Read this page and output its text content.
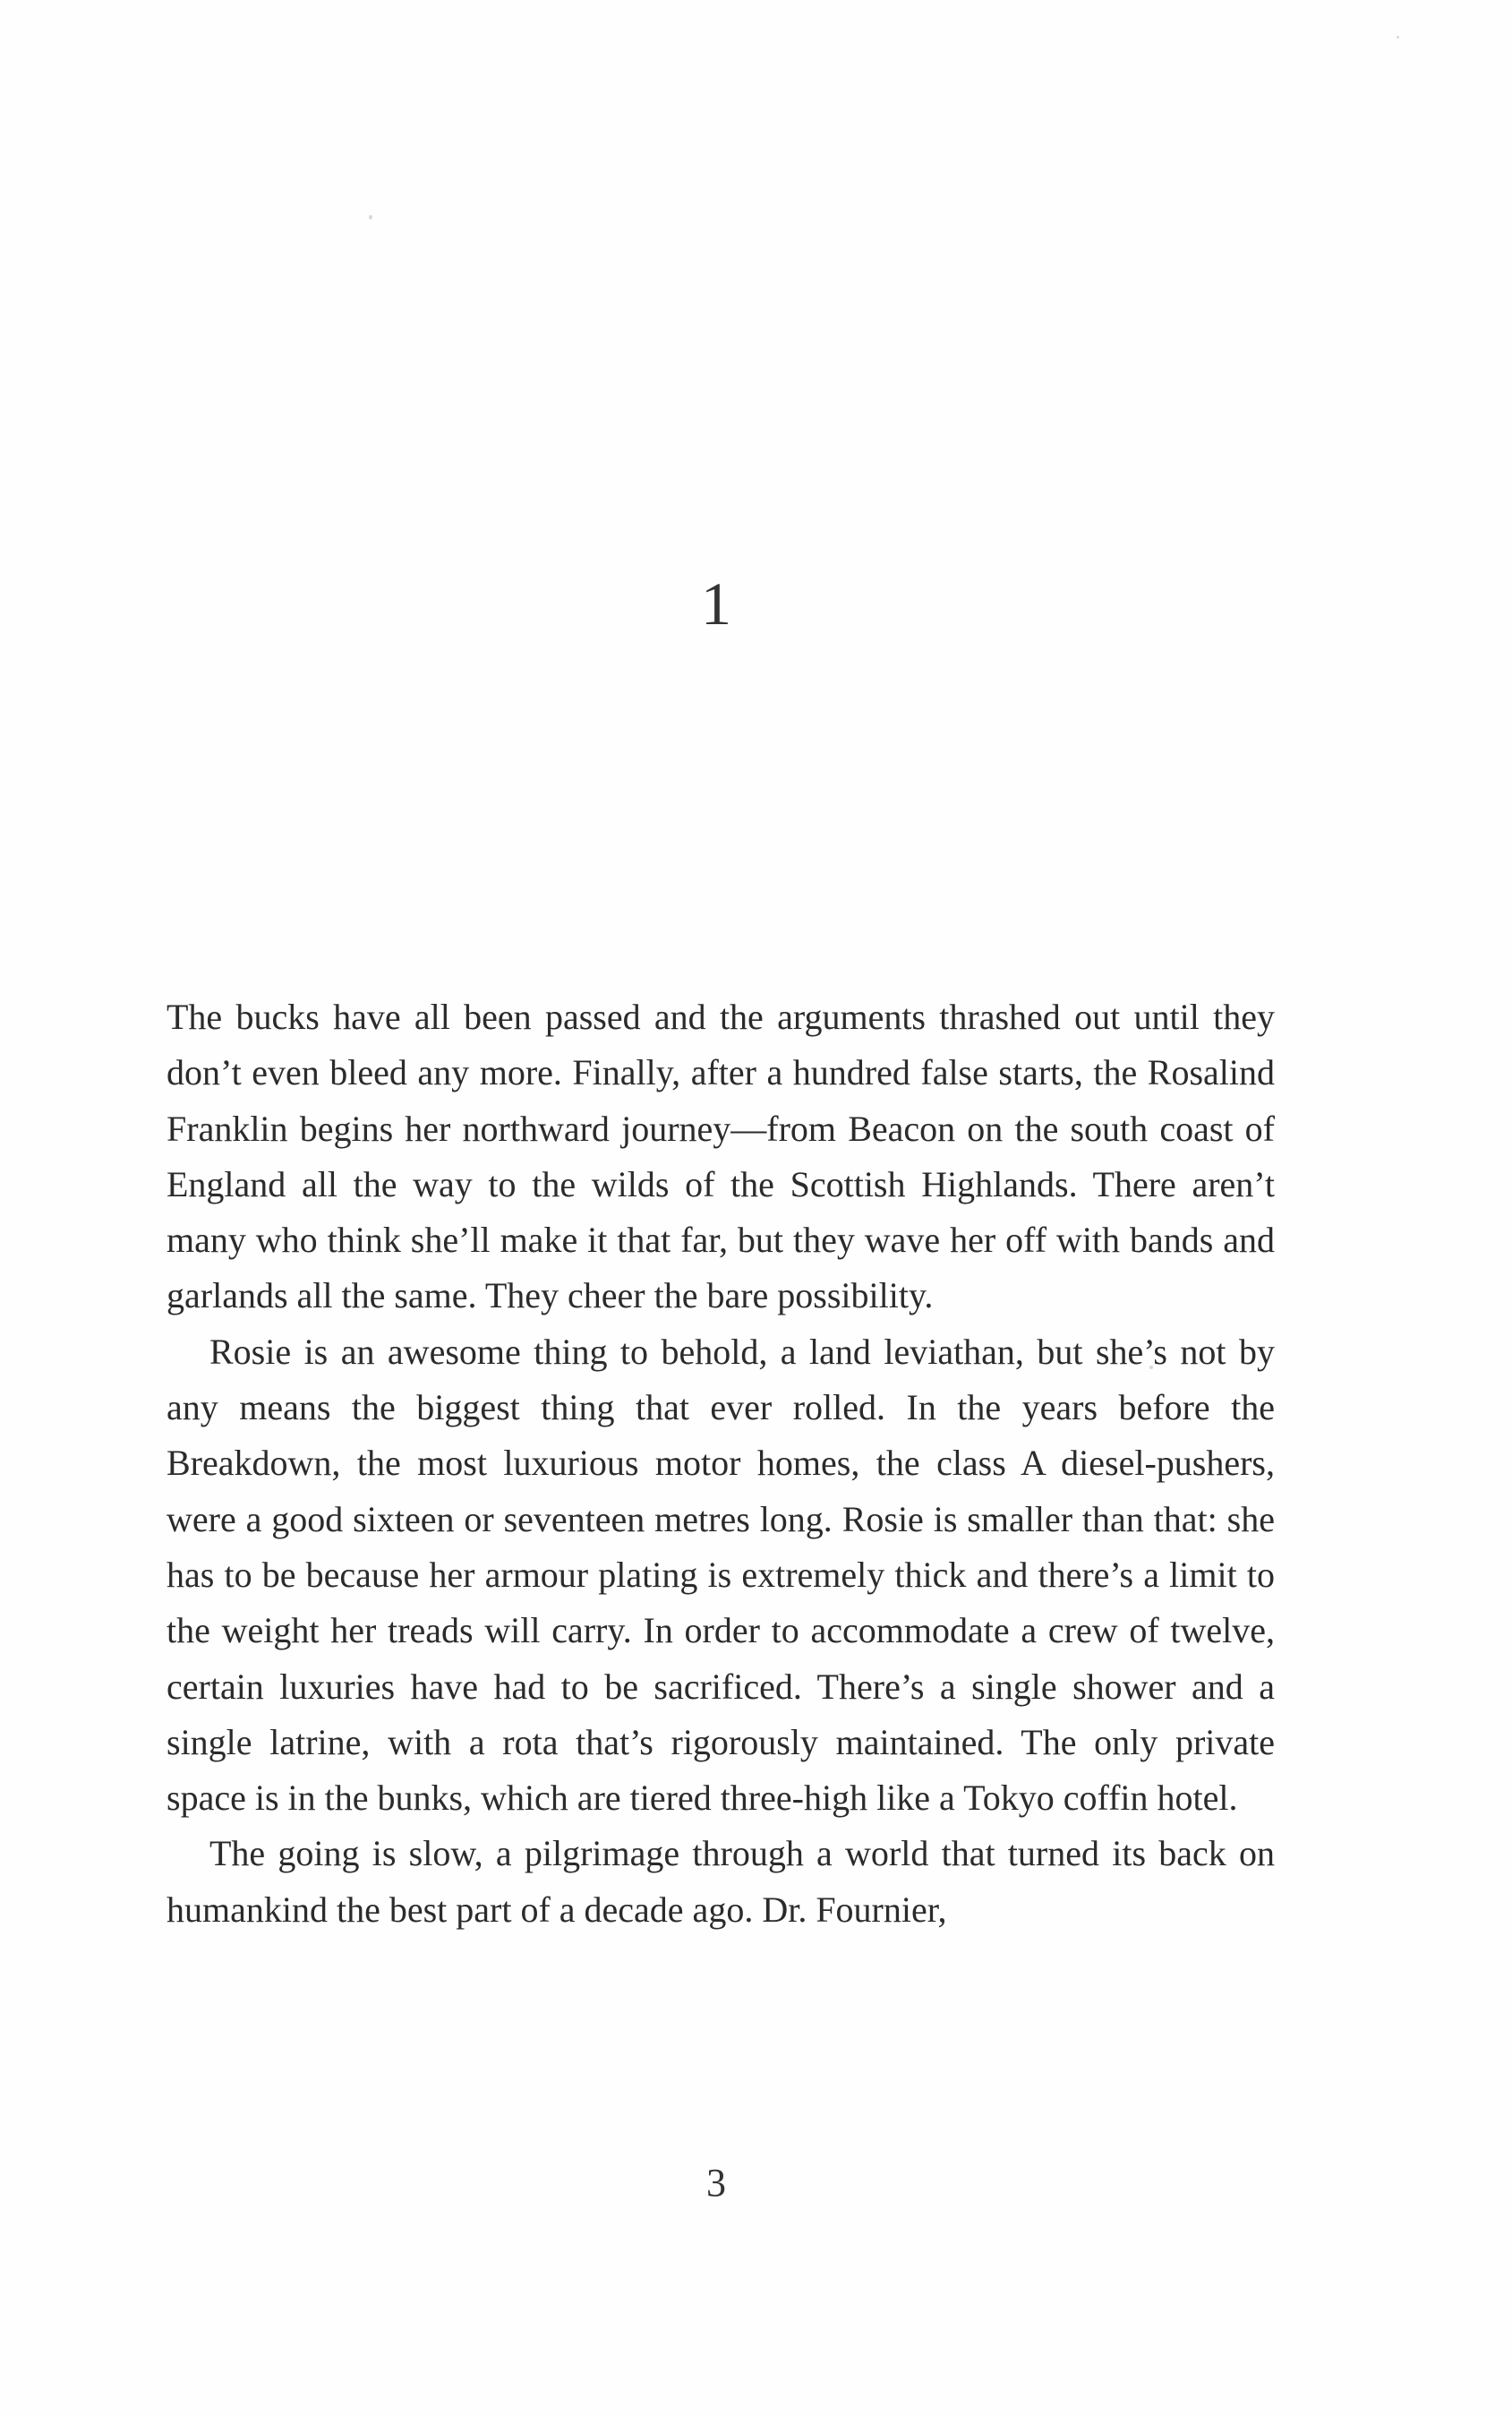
1

The bucks have all been passed and the arguments thrashed out until they don’t even bleed any more. Finally, after a hundred false starts, the Rosalind Franklin begins her northward journey—from Beacon on the south coast of England all the way to the wilds of the Scottish Highlands. There aren’t many who think she’ll make it that far, but they wave her off with bands and garlands all the same. They cheer the bare possibility.

Rosie is an awesome thing to behold, a land leviathan, but she’s not by any means the biggest thing that ever rolled. In the years before the Breakdown, the most luxurious motor homes, the class A diesel-pushers, were a good sixteen or seventeen metres long. Rosie is smaller than that: she has to be because her armour plating is extremely thick and there’s a limit to the weight her treads will carry. In order to accommodate a crew of twelve, certain luxuries have had to be sacrificed. There’s a single shower and a single latrine, with a rota that’s rigorously maintained. The only private space is in the bunks, which are tiered three-high like a Tokyo coffin hotel.

The going is slow, a pilgrimage through a world that turned its back on humankind the best part of a decade ago. Dr. Fournier,

3
